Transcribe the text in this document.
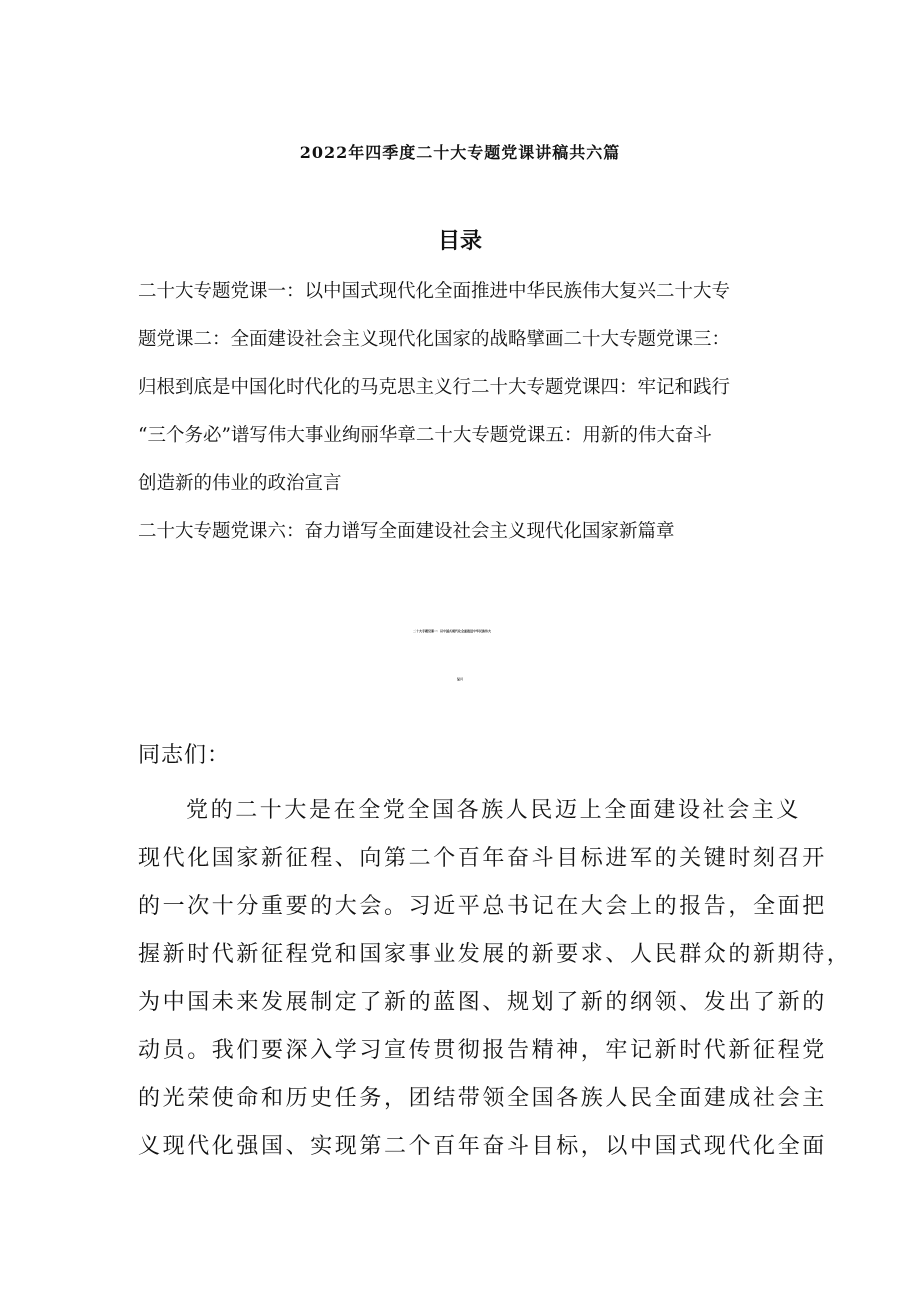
2022年四季度二十大专题党课讲稿共六篇
目录
二十大专题党课一：以中国式现代化全面推进中华民族伟大复兴二十大专
题党课二：全面建设社会主义现代化国家的战略擘画二十大专题党课三：
归根到底是中国化时代化的马克思主义行二十大专题党课四：牢记和践行
“三个务必”谱写伟大事业绚丽华章二十大专题党课五：用新的伟大奋斗
创造新的伟业的政治宣言
二十大专题党课六：奋力谱写全面建设社会主义现代化国家新篇章
二十大专题党课一：以中国式现代化全面推进中华民族伟大
复兴
同志们：
党的二十大是在全党全国各族人民迈上全面建设社会主义
现代化国家新征程、向第二个百年奋斗目标进军的关键时刻召开
的一次十分重要的大会。习近平总书记在大会上的报告，全面把
握新时代新征程党和国家事业发展的新要求、人民群众的新期待，
为中国未来发展制定了新的蓝图、规划了新的纲领、发出了新的
动员。我们要深入学习宣传贯彻报告精神，牢记新时代新征程党
的光荣使命和历史任务，团结带领全国各族人民全面建成社会主
义现代化强国、实现第二个百年奋斗目标，以中国式现代化全面
